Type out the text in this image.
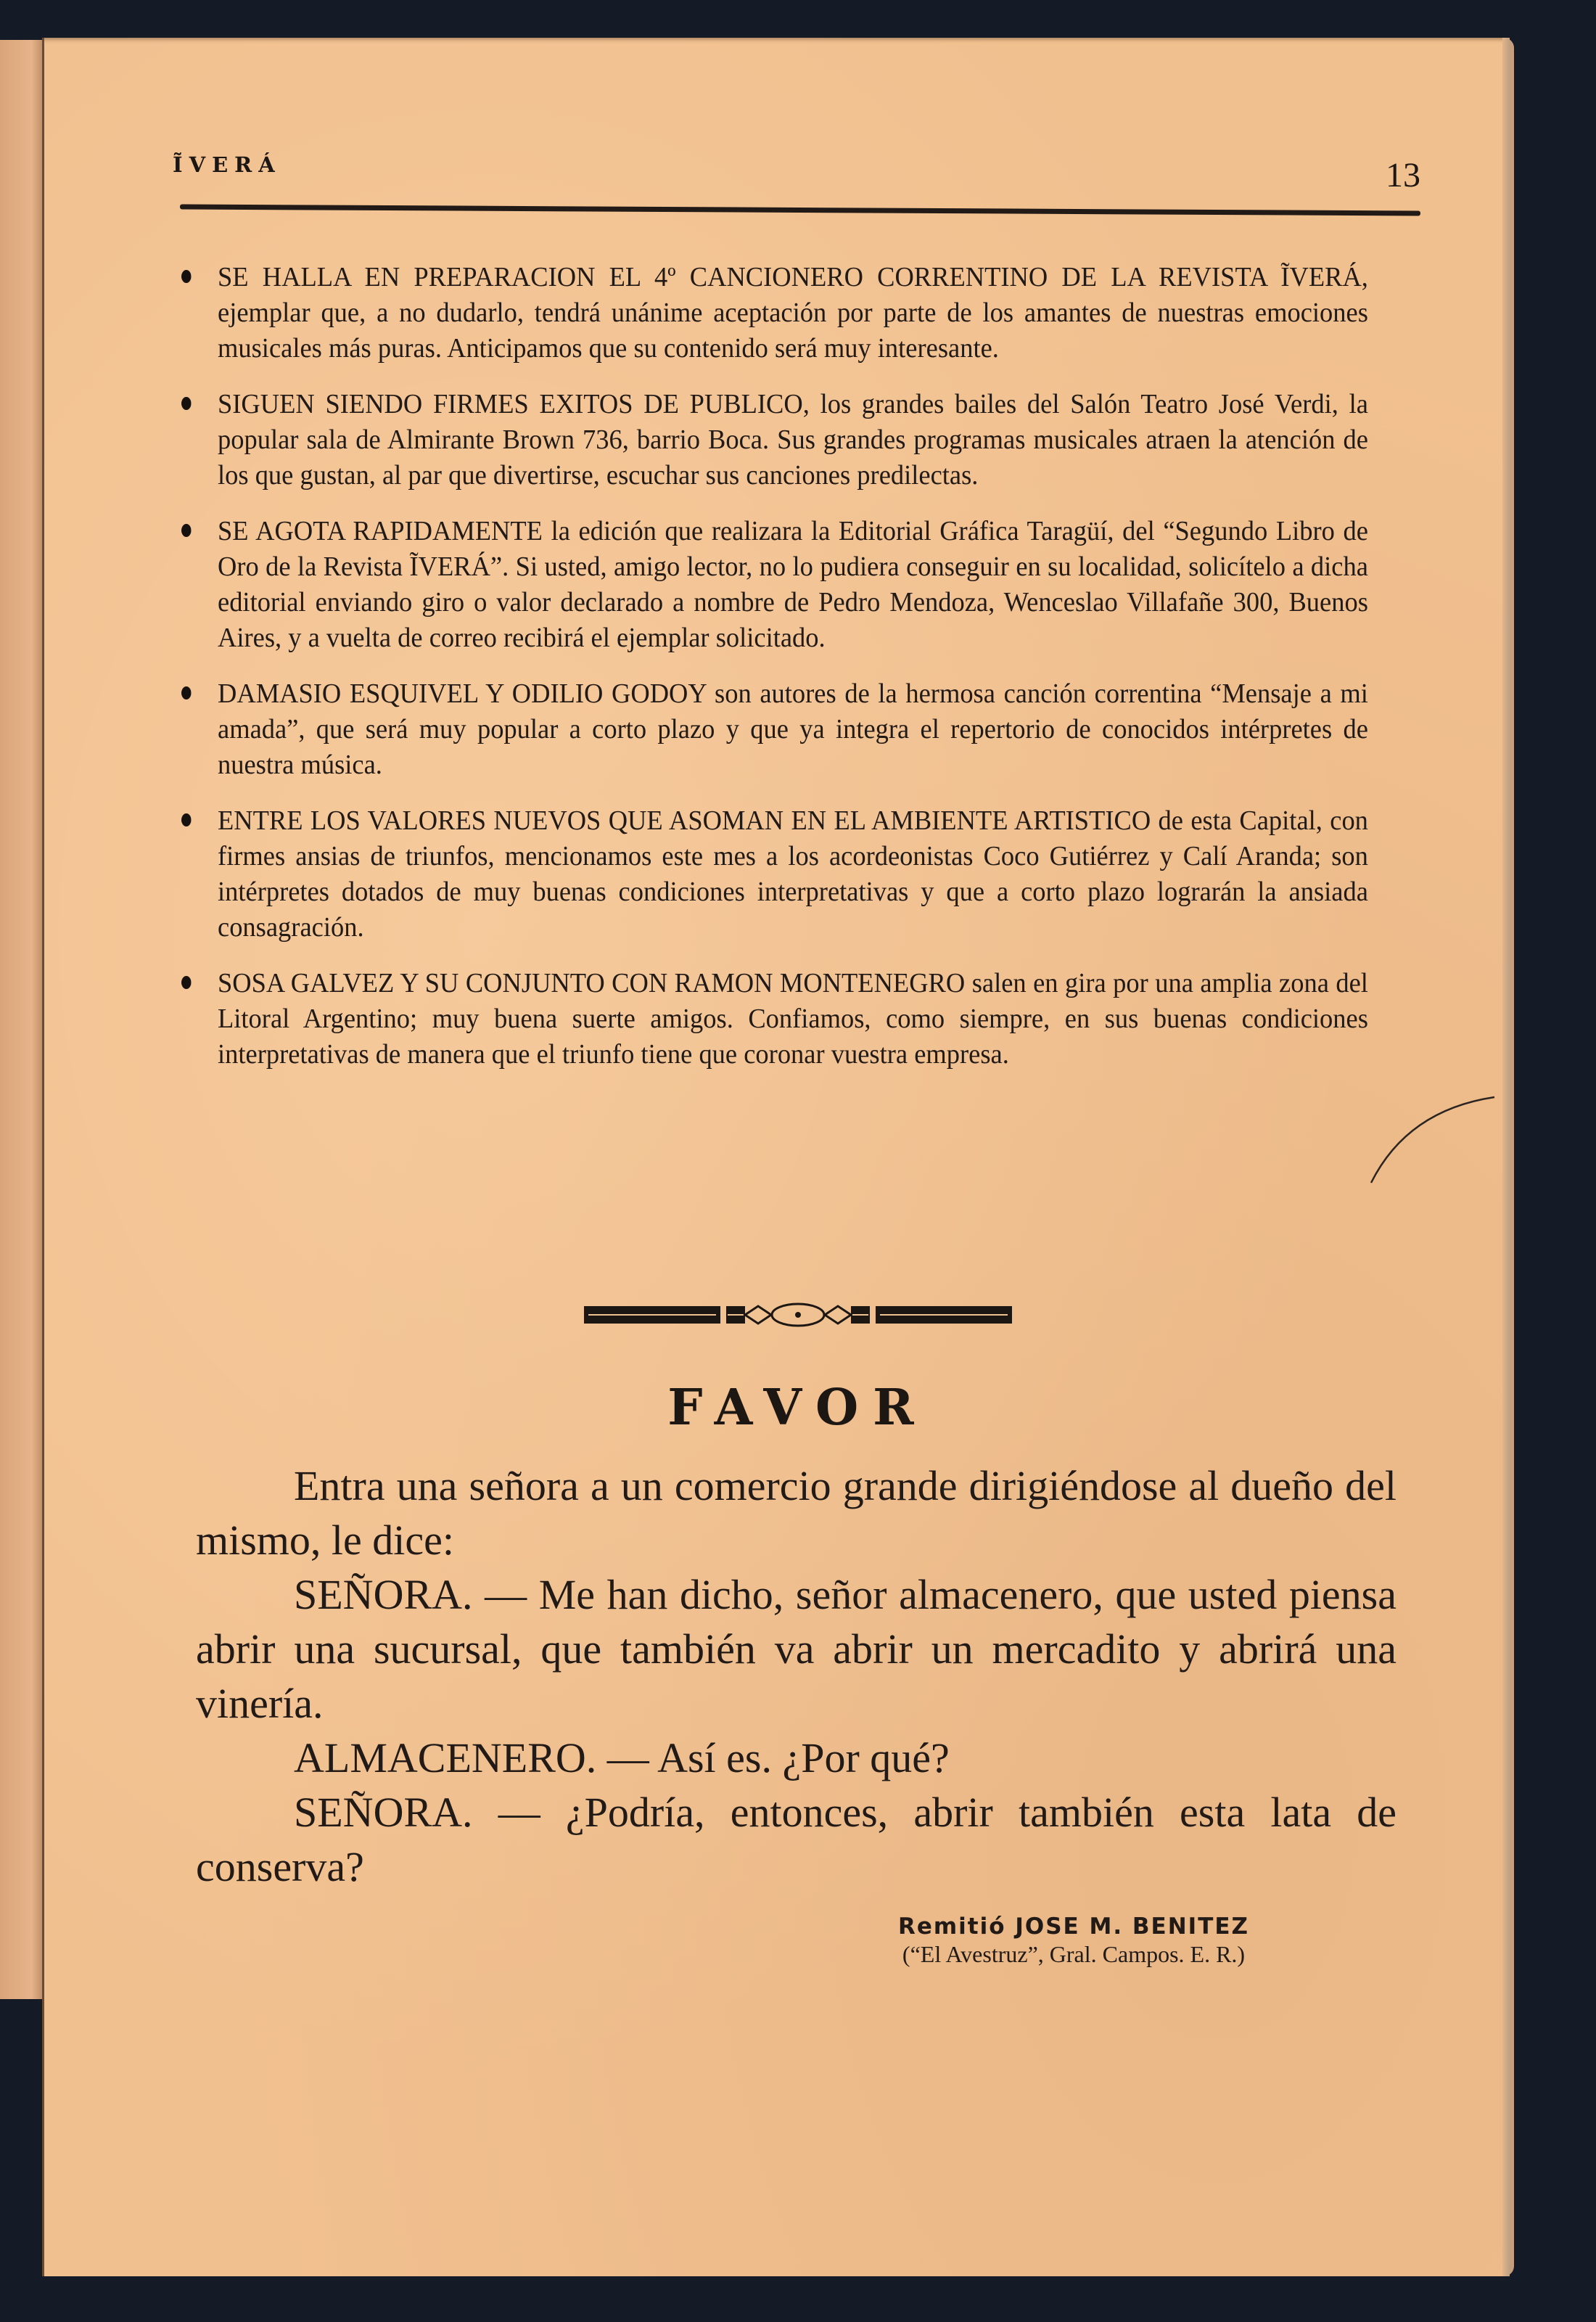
ĨVERÁ	13
SE HALLA EN PREPARACION EL 4º CANCIONERO CORRENTINO DE LA REVISTA ĨVERÁ, ejemplar que, a no dudarlo, tendrá unánime aceptación por parte de los amantes de nuestras emociones musicales más puras. Anticipamos que su contenido será muy interesante.
SIGUEN SIENDO FIRMES EXITOS DE PUBLICO, los grandes bailes del Salón Teatro José Verdi, la popular sala de Almirante Brown 736, barrio Boca. Sus grandes programas musicales atraen la atención de los que gustan, al par que divertirse, escuchar sus canciones predilectas.
SE AGOTA RAPIDAMENTE la edición que realizara la Editorial Gráfica Taragüí, del “Segundo Libro de Oro de la Revista ĨVERÁ”. Si usted, amigo lector, no lo pudiera conseguir en su localidad, solicítelo a dicha editorial enviando giro o valor declarado a nombre de Pedro Mendoza, Wenceslao Villafañe 300, Buenos Aires, y a vuelta de correo recibirá el ejemplar solicitado.
DAMASIO ESQUIVEL Y ODILIO GODOY son autores de la hermosa canción correntina “Mensaje a mi amada”, que será muy popular a corto plazo y que ya integra el repertorio de conocidos intérpretes de nuestra música.
ENTRE LOS VALORES NUEVOS QUE ASOMAN EN EL AMBIENTE ARTISTICO de esta Capital, con firmes ansias de triunfos, mencionamos este mes a los acordeonistas Coco Gutiérrez y Calí Aranda; son intérpretes dotados de muy buenas condiciones interpretativas y que a corto plazo lograrán la ansiada consagración.
SOSA GALVEZ Y SU CONJUNTO CON RAMON MONTENEGRO salen en gira por una amplia zona del Litoral Argentino; muy buena suerte amigos. Confiamos, como siempre, en sus buenas condiciones interpretativas de manera que el triunfo tiene que coronar vuestra empresa.
FAVOR

Entra una señora a un comercio grande dirigiéndose al dueño del mismo, le dice:

SEÑORA. — Me han dicho, señor almacenero, que usted piensa abrir una sucursal, que también va abrir un mercadito y abrirá una vinería.

ALMACENERO. — Así es. ¿Por qué?

SEÑORA. — ¿Podría, entonces, abrir también esta lata de conserva?

Remitió JOSE M. BENITEZ
(“El Avestruz”, Gral. Campos. E. R.)
